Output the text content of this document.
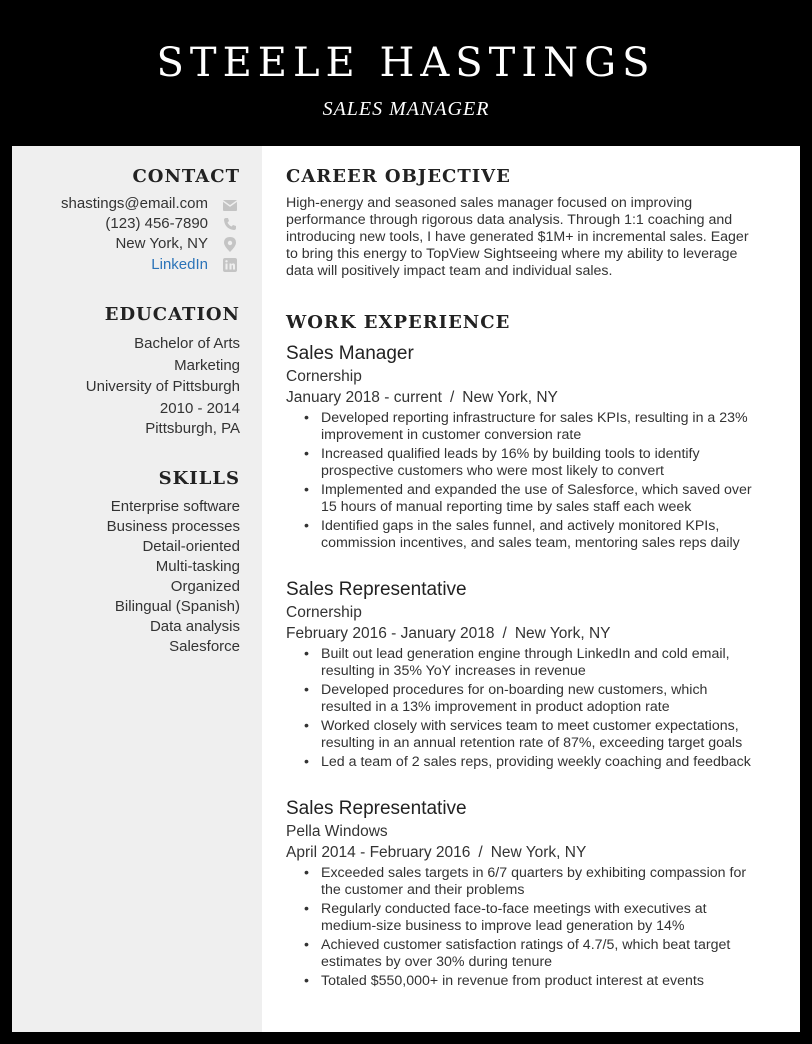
STEELE HASTINGS
SALES MANAGER
CONTACT
shastings@email.com
(123) 456-7890
New York, NY
LinkedIn
EDUCATION
Bachelor of Arts
Marketing
University of Pittsburgh
2010 - 2014
Pittsburgh, PA
SKILLS
Enterprise software
Business processes
Detail-oriented
Multi-tasking
Organized
Bilingual (Spanish)
Data analysis
Salesforce
CAREER OBJECTIVE
High-energy and seasoned sales manager focused on improving performance through rigorous data analysis. Through 1:1 coaching and introducing new tools, I have generated $1M+ in incremental sales. Eager to bring this energy to TopView Sightseeing where my ability to leverage data will positively impact team and individual sales.
WORK EXPERIENCE
Sales Manager
Cornership
January 2018 - current / New York, NY
• Developed reporting infrastructure for sales KPIs, resulting in a 23% improvement in customer conversion rate
• Increased qualified leads by 16% by building tools to identify prospective customers who were most likely to convert
• Implemented and expanded the use of Salesforce, which saved over 15 hours of manual reporting time by sales staff each week
• Identified gaps in the sales funnel, and actively monitored KPIs, commission incentives, and sales team, mentoring sales reps daily
Sales Representative
Cornership
February 2016 - January 2018 / New York, NY
• Built out lead generation engine through LinkedIn and cold email, resulting in 35% YoY increases in revenue
• Developed procedures for on-boarding new customers, which resulted in a 13% improvement in product adoption rate
• Worked closely with services team to meet customer expectations, resulting in an annual retention rate of 87%, exceeding target goals
• Led a team of 2 sales reps, providing weekly coaching and feedback
Sales Representative
Pella Windows
April 2014 - February 2016 / New York, NY
• Exceeded sales targets in 6/7 quarters by exhibiting compassion for the customer and their problems
• Regularly conducted face-to-face meetings with executives at medium-size business to improve lead generation by 14%
• Achieved customer satisfaction ratings of 4.7/5, which beat target estimates by over 30% during tenure
• Totaled $550,000+ in revenue from product interest at events
